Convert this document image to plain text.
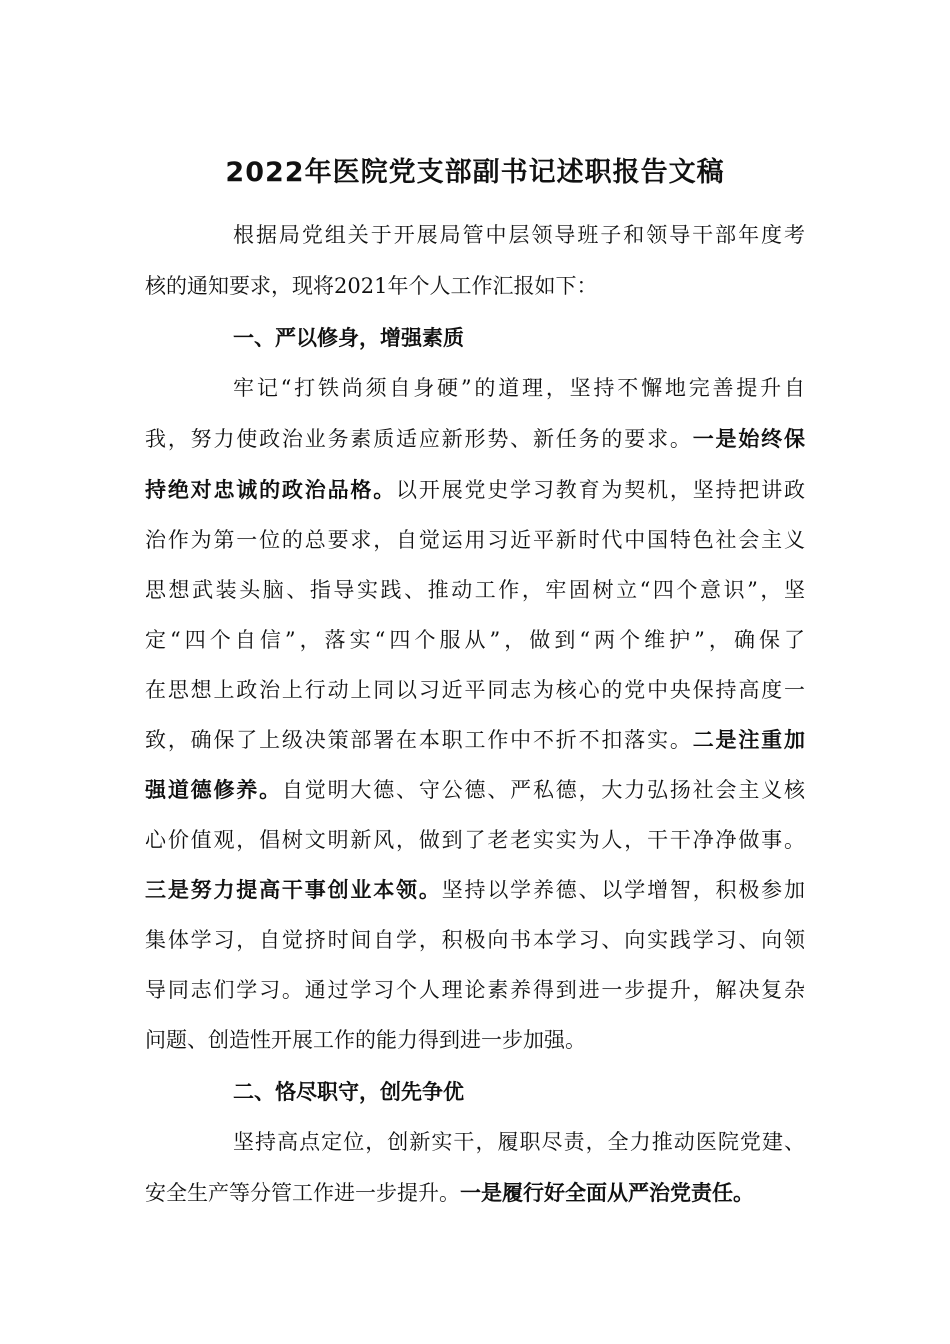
2022年医院党支部副书记述职报告文稿
根据局党组关于开展局管中层领导班子和领导干部年度考
核的通知要求，现将2021年个人工作汇报如下：
一、严以修身，增强素质
牢记“打铁尚须自身硬”的道理，坚持不懈地完善提升自
我，努力使政治业务素质适应新形势、新任务的要求。一是始终保
持绝对忠诚的政治品格。以开展党史学习教育为契机，坚持把讲政
治作为第一位的总要求，自觉运用习近平新时代中国特色社会主义
思想武装头脑、指导实践、推动工作，牢固树立“四个意识”，坚
定“四个自信”，落实“四个服从”，做到“两个维护”，确保了
在思想上政治上行动上同以习近平同志为核心的党中央保持高度一
致，确保了上级决策部署在本职工作中不折不扣落实。二是注重加
强道德修养。自觉明大德、守公德、严私德，大力弘扬社会主义核
心价值观，倡树文明新风，做到了老老实实为人，干干净净做事。
三是努力提高干事创业本领。坚持以学养德、以学增智，积极参加
集体学习，自觉挤时间自学，积极向书本学习、向实践学习、向领
导同志们学习。通过学习个人理论素养得到进一步提升，解决复杂
问题、创造性开展工作的能力得到进一步加强。
二、恪尽职守，创先争优
坚持高点定位，创新实干，履职尽责，全力推动医院党建、
安全生产等分管工作进一步提升。一是履行好全面从严治党责任。
